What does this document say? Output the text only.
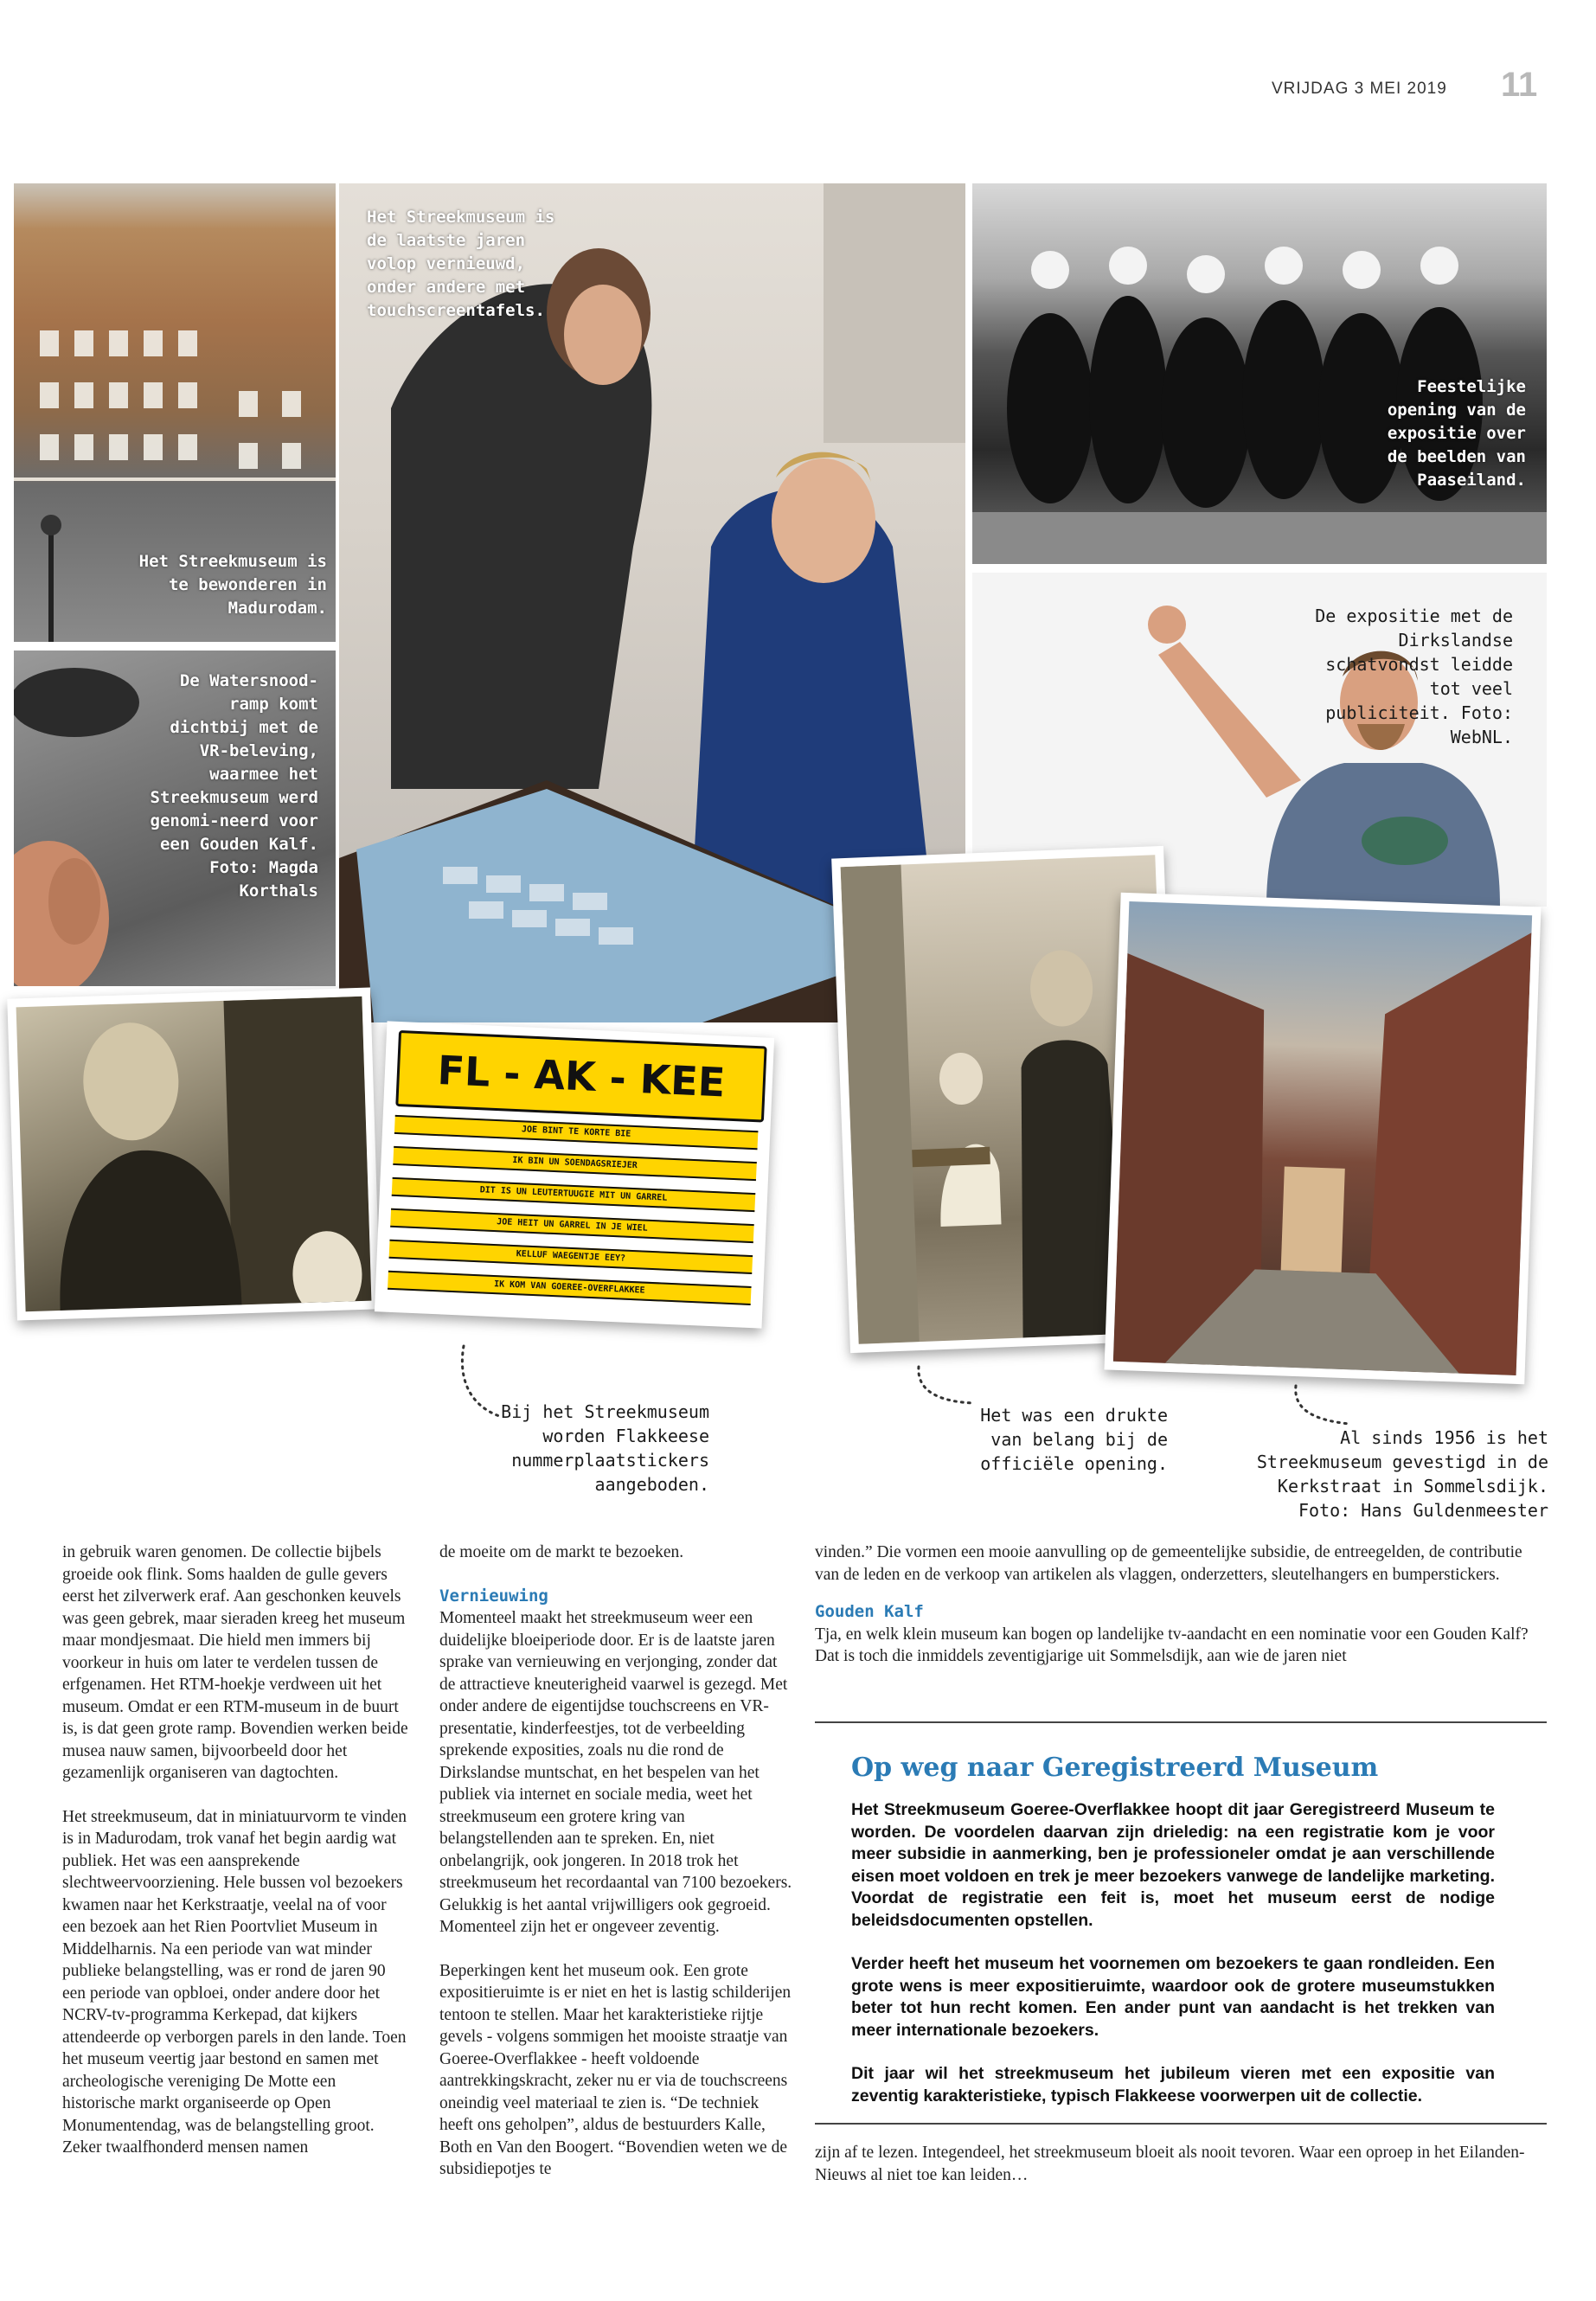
VRIJDAG 3 MEI 2019 11
Het Streekmuseum is te bewonderen in Madurodam.
De Watersnood-ramp komt dichtbij met de VR-beleving, waarmee het Streekmuseum werd genomi-neerd voor een Gouden Kalf. Foto: Magda Korthals
Het Streekmuseum is de laatste jaren volop vernieuwd, onder andere met touchscreentafels.
Feestelijke opening van de expositie over de beelden van Paaseiland.
De expositie met de Dirkslandse schatvondst leidde tot veel publiciteit. Foto: WebNL.
FL - AK - KEE
JOE BINT TE KORTE BIE
IK BIN UN SOENDAGSRIEJER
DIT IS UN LEUTERTUUGIE MIT UN GARREL
JOE HEIT UN GARREL IN JE WIEL
KELLUF WAEGENTJE EEY?
IK KOM VAN GOEREE-OVERFLAKKEE
Bij het Streekmuseum worden Flakkeese nummerplaatstickers aangeboden.
Het was een drukte van belang bij de officiële opening.
Al sinds 1956 is het Streekmuseum gevestigd in de Kerkstraat in Sommelsdijk. Foto: Hans Guldenmeester

in gebruik waren genomen. De collectie bijbels groeide ook flink. Soms haalden de gulle gevers eerst het zilverwerk eraf. Aan geschonken keuvels was geen gebrek, maar sieraden kreeg het museum maar mondjesmaat. Die hield men immers bij voorkeur in huis om later te verdelen tussen de erfgenamen. Het RTM-hoekje verdween uit het museum. Omdat er een RTM-museum in de buurt is, is dat geen grote ramp. Bovendien werken beide musea nauw samen, bijvoorbeeld door het gezamenlijk organiseren van dagtochten.

Het streekmuseum, dat in miniatuurvorm te vinden is in Madurodam, trok vanaf het begin aardig wat publiek. Het was een aansprekende slechtweervoorziening. Hele bussen vol bezoekers kwamen naar het Kerkstraatje, veelal na of voor een bezoek aan het Rien Poortvliet Museum in Middelharnis. Na een periode van wat minder publieke belangstelling, was er rond de jaren 90 een periode van opbloei, onder andere door het NCRV-tv-programma Kerkepad, dat kijkers attendeerde op verborgen parels in den lande. Toen het museum veertig jaar bestond en samen met archeologische vereniging De Motte een historische markt organiseerde op Open Monumentendag, was de belangstelling groot. Zeker twaalfhonderd mensen namen

de moeite om de markt te bezoeken.

Vernieuwing

Momenteel maakt het streekmuseum weer een duidelijke bloeiperiode door. Er is de laatste jaren sprake van vernieuwing en verjonging, zonder dat de attractieve kneuterigheid vaarwel is gezegd. Met onder andere de eigentijdse touchscreens en VR-presentatie, kinderfeestjes, tot de verbeelding sprekende exposities, zoals nu die rond de Dirkslandse muntschat, en het bespelen van het publiek via internet en sociale media, weet het streekmuseum een grotere kring van belangstellenden aan te spreken. En, niet onbelangrijk, ook jongeren. In 2018 trok het streekmuseum het recordaantal van 7100 bezoekers. Gelukkig is het aantal vrijwilligers ook gegroeid. Momenteel zijn het er ongeveer zeventig.

Beperkingen kent het museum ook. Een grote expositieruimte is er niet en het is lastig schilderijen tentoon te stellen. Maar het karakteristieke rijtje gevels - volgens sommigen het mooiste straatje van Goeree-Overflakkee - heeft voldoende aantrekkingskracht, zeker nu er via de touchscreens oneindig veel materiaal te zien is. “De techniek heeft ons geholpen”, aldus de bestuurders Kalle, Both en Van den Boogert. “Bovendien weten we de subsidiepotjes te

vinden.” Die vormen een mooie aanvulling op de gemeentelijke subsidie, de entreegelden, de contributie van de leden en de verkoop van artikelen als vlaggen, onderzetters, sleutelhangers en bumperstickers.

Gouden Kalf

Tja, en welk klein museum kan bogen op landelijke tv-aandacht en een nominatie voor een Gouden Kalf? Dat is toch die inmiddels zeventigjarige uit Sommelsdijk, aan wie de jaren niet

Op weg naar Geregistreerd Museum

Het Streekmuseum Goeree-Overflakkee hoopt dit jaar Geregistreerd Museum te worden. De voordelen daarvan zijn drieledig: na een registratie kom je voor meer subsidie in aanmerking, ben je professioneler omdat je aan verschillende eisen moet voldoen en trek je meer bezoekers vanwege de landelijke marketing. Voordat de registratie een feit is, moet het museum eerst de nodige beleidsdocumenten opstellen.

Verder heeft het museum het voornemen om bezoekers te gaan rondleiden. Een grote wens is meer expositieruimte, waardoor ook de grotere museumstukken beter tot hun recht komen. Een ander punt van aandacht is het trekken van meer internationale bezoekers.

Dit jaar wil het streekmuseum het jubileum vieren met een expositie van zeventig karakteristieke, typisch Flakkeese voorwerpen uit de collectie.

zijn af te lezen. Integendeel, het streekmuseum bloeit als nooit tevoren. Waar een oproep in het Eilanden-Nieuws al niet toe kan leiden…
